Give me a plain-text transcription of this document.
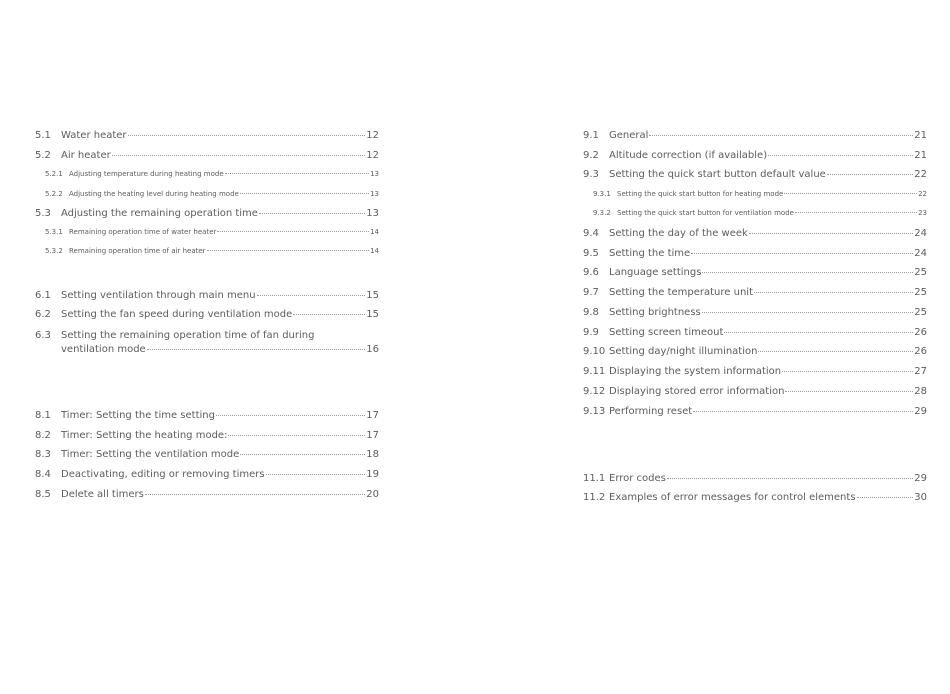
5.1	Water heater	12
5.2	Air heater	12
5.2.1 Adjusting temperature during heating mode	13
5.2.2 Adjusting the heating level during heating mode	13
5.3	Adjusting the remaining operation time	13
5.3.1 Remaining operation time of water heater	14
5.3.2 Remaining operation time of air heater	14
6.1	Setting ventilation through main menu	15
6.2	Setting the fan speed during ventilation mode	15
6.3	Setting the remaining operation time of fan during
ventilation mode	16
8.1	Timer: Setting the time setting	17
8.2	Timer: Setting the heating mode:	17
8.3	Timer: Setting the ventilation mode	18
8.4	Deactivating, editing or removing timers	19
8.5	Delete all timers	20
9.1	General	21
9.2	Altitude correction (if available)	21
9.3	Setting the quick start button default value	22
9.3.1 Setting the quick start button for heating mode	22
9.3.2 Setting the quick start button for ventilation mode	23
9.4	Setting the day of the week	24
9.5	Setting the time	24
9.6	Language settings	25
9.7	Setting the temperature unit	25
9.8	Setting brightness	25
9.9	Setting screen timeout	26
9.10 Setting day/night illumination	26
9.11 Displaying the system information	27
9.12 Displaying stored error information	28
9.13 Performing reset	29
11.1 Error codes	29
11.2 Examples of error messages for control elements	30
